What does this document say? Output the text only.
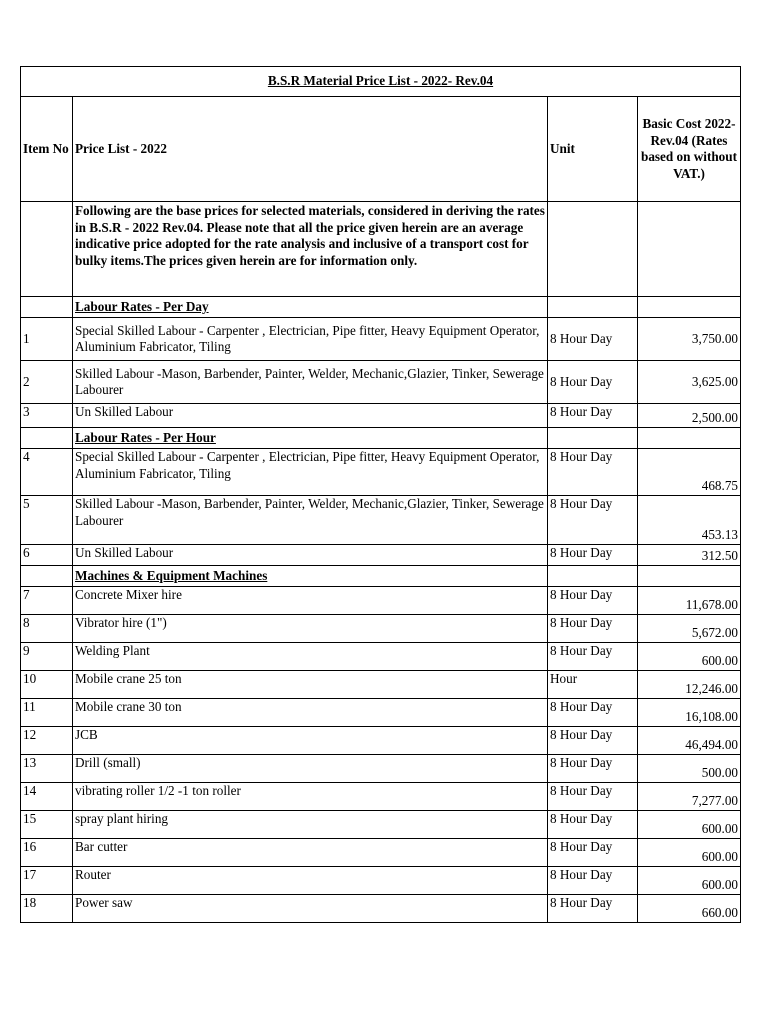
B.S.R Material Price List - 2022- Rev.04			
Item No	Price List - 2022	Unit	Basic Cost 2022-Rev.04 (Rates based on without VAT.)
	Following are the base prices for selected materials, considered in deriving the rates in B.S.R - 2022 Rev.04. Please note that all the price given herein are an average indicative price adopted for the rate analysis and inclusive of a transport cost for bulky items.The prices given herein are for information only.		
	Labour Rates - Per Day		
1	Special Skilled Labour - Carpenter , Electrician, Pipe fitter, Heavy Equipment Operator, Aluminium Fabricator, Tiling	8 Hour Day	3,750.00
2	Skilled Labour -Mason, Barbender, Painter, Welder, Mechanic,Glazier, Tinker, Sewerage Labourer	8 Hour Day	3,625.00
3	Un Skilled Labour	8 Hour Day	2,500.00
	Labour Rates - Per Hour		
4	Special Skilled Labour - Carpenter , Electrician, Pipe fitter, Heavy Equipment Operator, Aluminium Fabricator, Tiling	8 Hour Day	468.75
5	Skilled Labour -Mason, Barbender, Painter, Welder, Mechanic,Glazier, Tinker, Sewerage Labourer	8 Hour Day	453.13
6	Un Skilled Labour	8 Hour Day	312.50
	Machines & Equipment Machines		
7	Concrete Mixer hire	8 Hour Day	11,678.00
8	Vibrator hire (1")	8 Hour Day	5,672.00
9	Welding Plant	8 Hour Day	600.00
10	Mobile crane 25 ton	Hour	12,246.00
11	Mobile crane 30 ton	8 Hour Day	16,108.00
12	JCB	8 Hour Day	46,494.00
13	Drill (small)	8 Hour Day	500.00
14	vibrating roller 1/2 -1 ton roller	8 Hour Day	7,277.00
15	spray plant hiring	8 Hour Day	600.00
16	Bar cutter	8 Hour Day	600.00
17	Router	8 Hour Day	600.00
18	Power saw	8 Hour Day	660.00
